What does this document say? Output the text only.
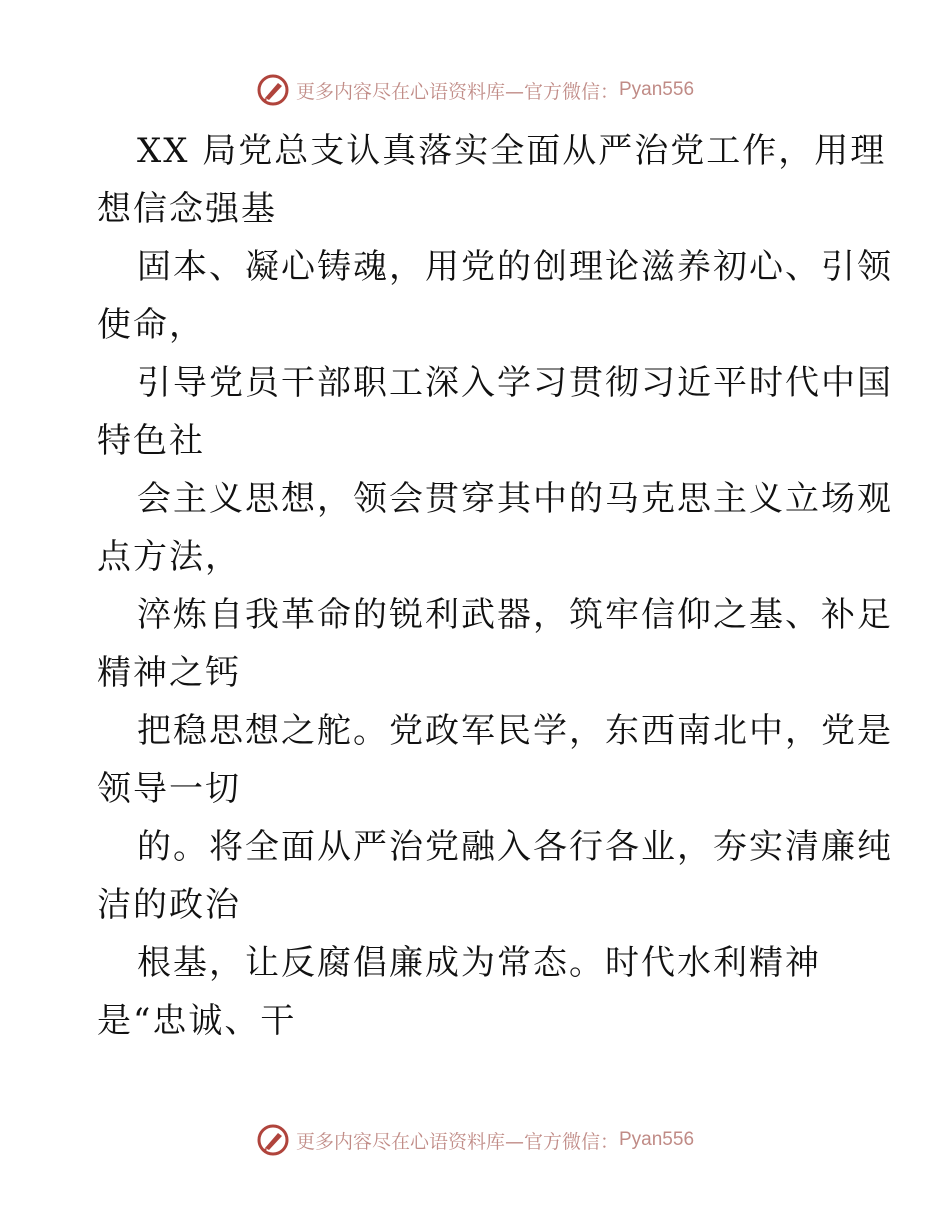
更多内容尽在心语资料库—官方微信： Pyan556
XX 局党总支认真落实全面从严治党工作，用理
想信念强基
固本、凝心铸魂，用党的创理论滋养初心、引领
使命，
引导党员干部职工深入学习贯彻习近平时代中国
特色社
会主义思想，领会贯穿其中的马克思主义立场观
点方法，
淬炼自我革命的锐利武器，筑牢信仰之基、补足
精神之钙
把稳思想之舵。党政军民学，东西南北中，党是
领导一切
的。将全面从严治党融入各行各业，夯实清廉纯
洁的政治
根基，让反腐倡廉成为常态。时代水利精神
是“忠诚、干
更多内容尽在心语资料库—官方微信： Pyan556
